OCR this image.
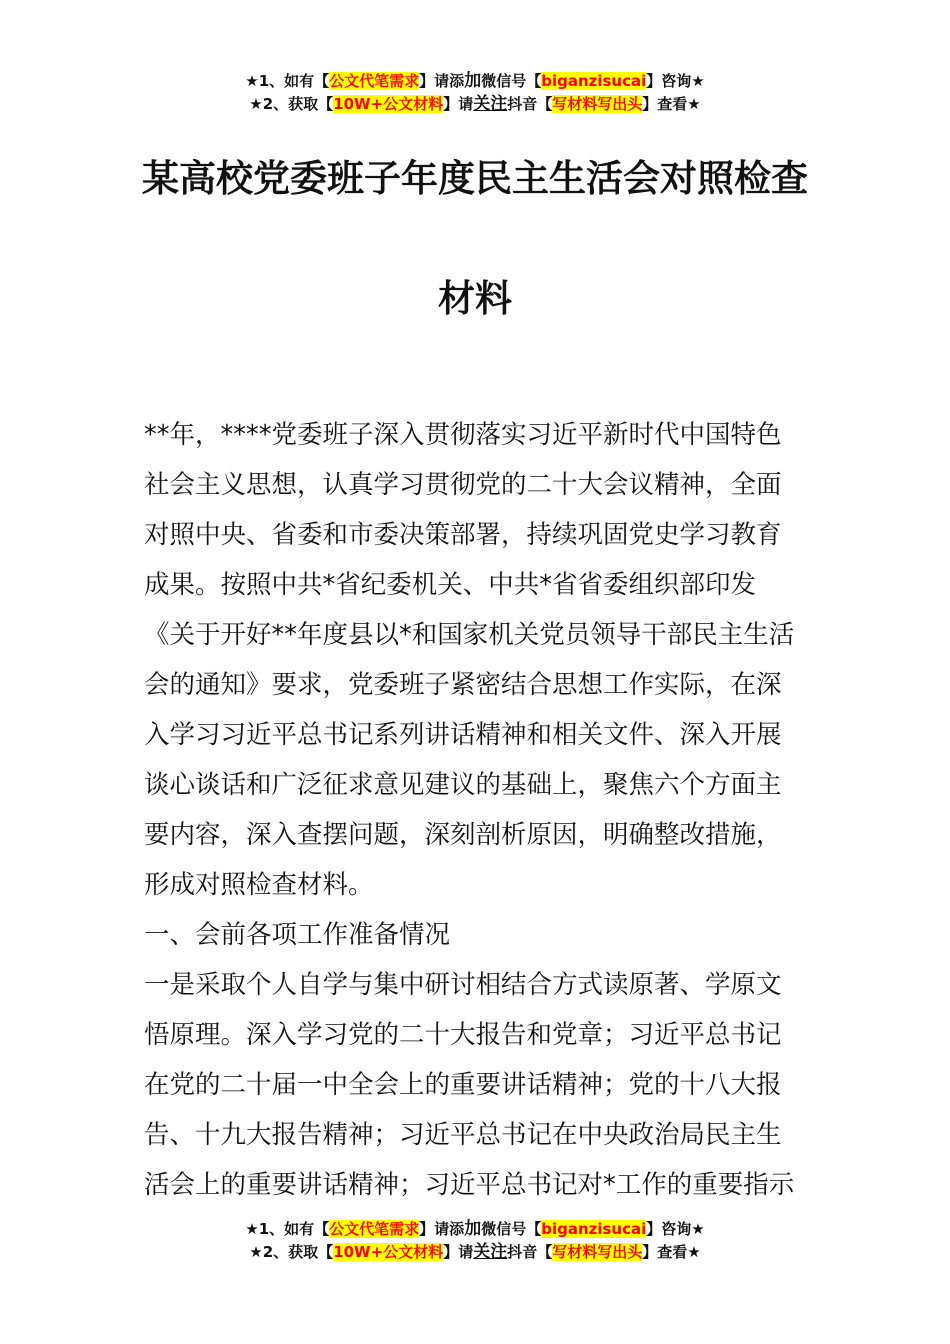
★1、如有【公文代笔需求】请添加微信号【biganzisucai】咨询★
★2、获取【10W+公文材料】请关注抖音【写材料写出头】查看★
某高校党委班子年度民主生活会对照检查
材料

**年，****党委班子深入贯彻落实习近平新时代中国特色

社会主义思想，认真学习贯彻党的二十大会议精神，全面

对照中央、省委和市委决策部署，持续巩固党史学习教育

成果。按照中共*省纪委机关、中共*省省委组织部印发

《关于开好**年度县以*和国家机关党员领导干部民主生活

会的通知》要求，党委班子紧密结合思想工作实际，在深

入学习习近平总书记系列讲话精神和相关文件、深入开展

谈心谈话和广泛征求意见建议的基础上，聚焦六个方面主

要内容，深入查摆问题，深刻剖析原因，明确整改措施，

形成对照检查材料。

一、会前各项工作准备情况

一是采取个人自学与集中研讨相结合方式读原著、学原文

悟原理。深入学习党的二十大报告和党章；习近平总书记

在党的二十届一中全会上的重要讲话精神；党的十八大报

告、十九大报告精神；习近平总书记在中央政治局民主生

活会上的重要讲话精神；习近平总书记对*工作的重要指示

★1、如有【公文代笔需求】请添加微信号【biganzisucai】咨询★
★2、获取【10W+公文材料】请关注抖音【写材料写出头】查看★
